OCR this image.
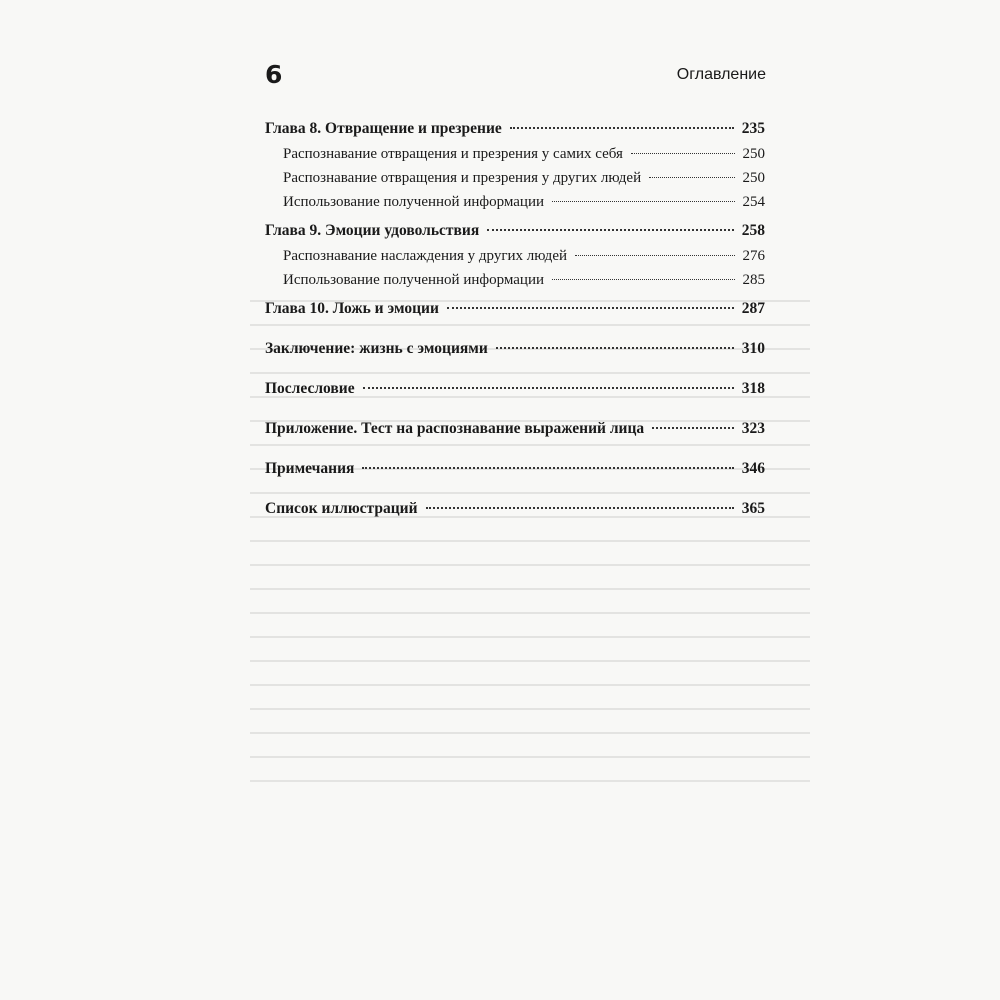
6	Оглавление
Глава 8. Отвращение и презрение	235
Распознавание отвращения и презрения у самих себя	250
Распознавание отвращения и презрения у других людей	250
Использование полученной информации	254
Глава 9. Эмоции удовольствия	258
Распознавание наслаждения у других людей	276
Использование полученной информации	285
Глава 10. Ложь и эмоции	287
Заключение: жизнь с эмоциями	310
Послесловие	318
Приложение. Тест на распознавание выражений лица	323
Примечания	346
Список иллюстраций	365
